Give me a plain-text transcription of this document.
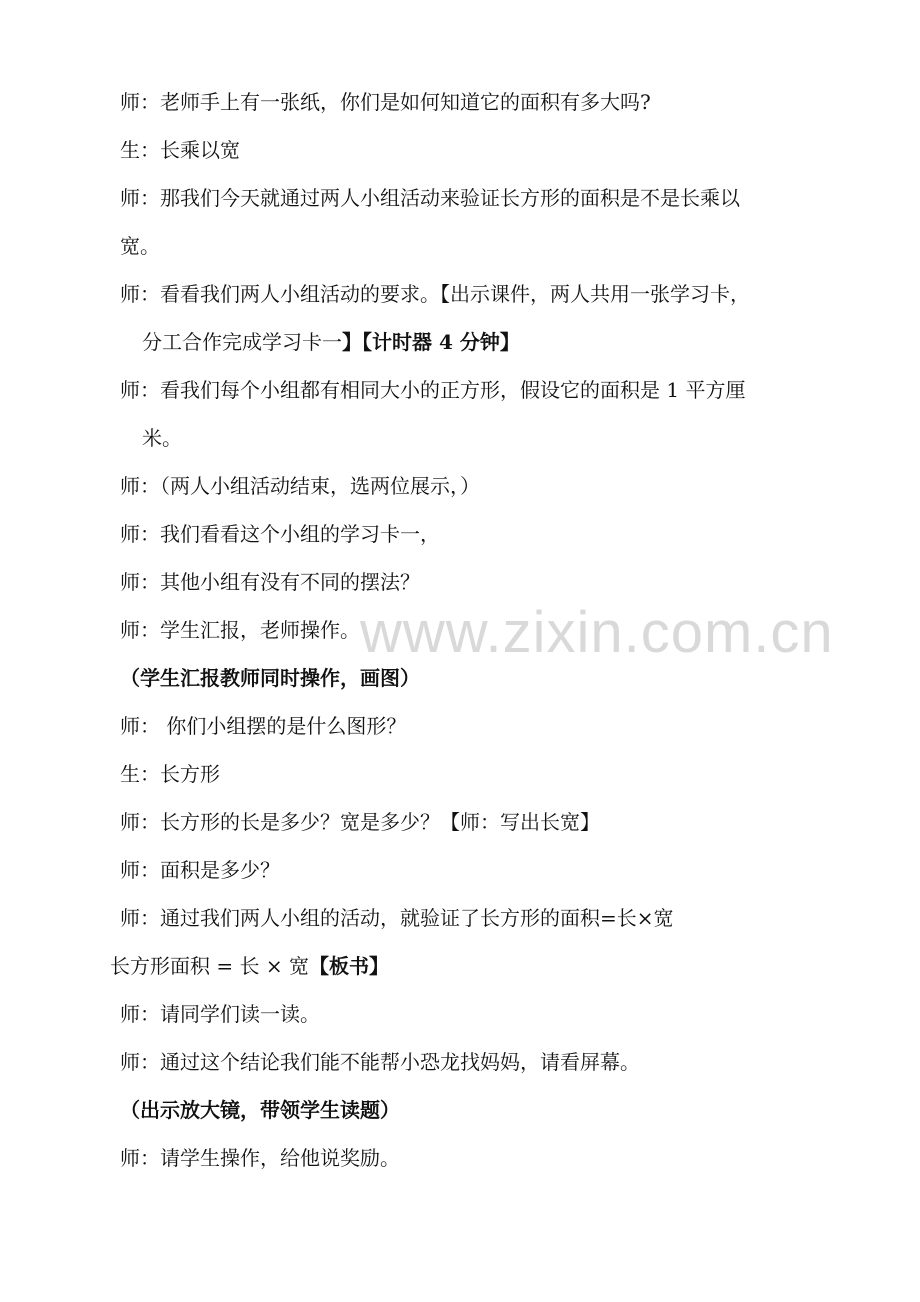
师：老师手上有一张纸，你们是如何知道它的面积有多大吗?
生：长乘以宽
师：那我们今天就通过两人小组活动来验证长方形的面积是不是长乘以
宽。
师：看看我们两人小组活动的要求。【出示课件，两人共用一张学习卡，
分工合作完成学习卡一】【计时器 4 分钟】
师：看我们每个小组都有相同大小的正方形，假设它的面积是 1 平方厘
米。
师：（两人小组活动结束，选两位展示，）
师：我们看看这个小组的学习卡一，
师：其他小组有没有不同的摆法？
师：学生汇报，老师操作。
（学生汇报教师同时操作，画图）
师： 你们小组摆的是什么图形？
生：长方形
师：长方形的长是多少？宽是多少？【师：写出长宽】
师：面积是多少？
师：通过我们两人小组的活动，就验证了长方形的面积=长×宽
长方形面积 = 长 × 宽【板书】
师：请同学们读一读。
师：通过这个结论我们能不能帮小恐龙找妈妈，请看屏幕。
（出示放大镜，带领学生读题）
师：请学生操作，给他说奖励。
www.zixin.com.cn
